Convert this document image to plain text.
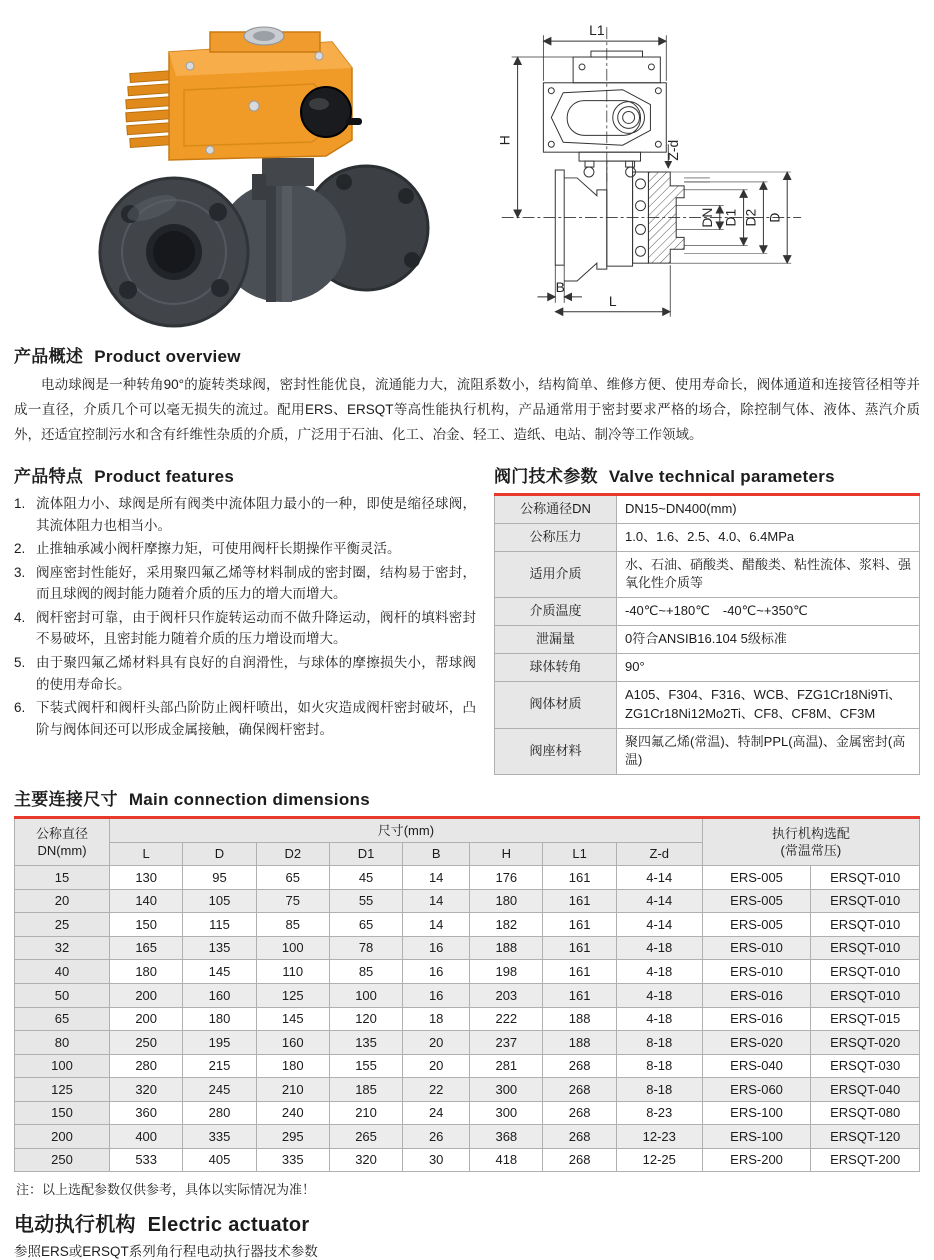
L1
H	Z-d
DN D1 D2 D
B
L
产品概述 Product overview

电动球阀是一种转角90°的旋转类球阀，密封性能优良，流通能力大，流阻系数小，结构简单、维修方便、使用寿命长，阀体通道和连接管径相等并成一直径，介质几个可以毫无损失的流过。配用ERS、ERSQT等高性能执行机构，产品通常用于密封要求严格的场合，除控制气体、液体、蒸汽介质外，还适宜控制污水和含有纤维性杂质的介质，广泛用于石油、化工、冶金、轻工、造纸、电站、制冷等工作领域。

产品特点 Product features
流体阻力小、球阀是所有阀类中流体阻力最小的一种，即使是缩径球阀，其流体阻力也相当小。
止推轴承减小阀杆摩擦力矩，可使用阀杆长期操作平衡灵活。
阀座密封性能好，采用聚四氟乙烯等材料制成的密封圈，结构易于密封，而且球阀的阀封能力随着介质的压力的增大而增大。
阀杆密封可靠，由于阀杆只作旋转运动而不做升降运动，阀杆的填料密封不易破坏，且密封能力随着介质的压力增设而增大。
由于聚四氟乙烯材料具有良好的自润滑性，与球体的摩擦损失小，帮球阀的使用寿命长。
下装式阀杆和阀杆头部凸阶防止阀杆喷出，如火灾造成阀杆密封破坏，凸阶与阀体间还可以形成金属接触，确保阀杆密封。
阀门技术参数 Valve technical parameters
公称通径DN	DN15~DN400(mm)
公称压力	1.0、1.6、2.5、4.0、6.4MPa
适用介质	水、石油、硝酸类、醋酸类、粘性流体、浆料、强氧化性介质等
介质温度	-40℃~+180℃　-40℃~+350℃
泄漏量	0符合ANSIB16.104 5级标准
球体转角	90°
阀体材质	A105、F304、F316、WCB、FZG1Cr18Ni9Ti、ZG1Cr18Ni12Mo2Ti、CF8、CF8M、CF3M
阀座材料	聚四氟乙烯(常温)、特制PPL(高温)、金属密封(高温)
主要连接尺寸 Main connection dimensions
公称直径
DN(mm)	尺寸(mm)								执行机构选配
(常温常压)	
	L	D	D2	D1	B	H	L1	Z-d		
15	130	95	65	45	14	176	161	4-14	ERS-005	ERSQT-010
20	140	105	75	55	14	180	161	4-14	ERS-005	ERSQT-010
25	150	115	85	65	14	182	161	4-14	ERS-005	ERSQT-010
32	165	135	100	78	16	188	161	4-18	ERS-010	ERSQT-010
40	180	145	110	85	16	198	161	4-18	ERS-010	ERSQT-010
50	200	160	125	100	16	203	161	4-18	ERS-016	ERSQT-010
65	200	180	145	120	18	222	188	4-18	ERS-016	ERSQT-015
80	250	195	160	135	20	237	188	8-18	ERS-020	ERSQT-020
100	280	215	180	155	20	281	268	8-18	ERS-040	ERSQT-030
125	320	245	210	185	22	300	268	8-18	ERS-060	ERSQT-040
150	360	280	240	210	24	300	268	8-23	ERS-100	ERSQT-080
200	400	335	295	265	26	368	268	12-23	ERS-100	ERSQT-120
250	533	405	335	320	30	418	268	12-25	ERS-200	ERSQT-200

注：以上选配参数仅供参考，具体以实际情况为准！

电动执行机构 Electric actuator

参照ERS或ERSQT系列角行程电动执行器技术参数
